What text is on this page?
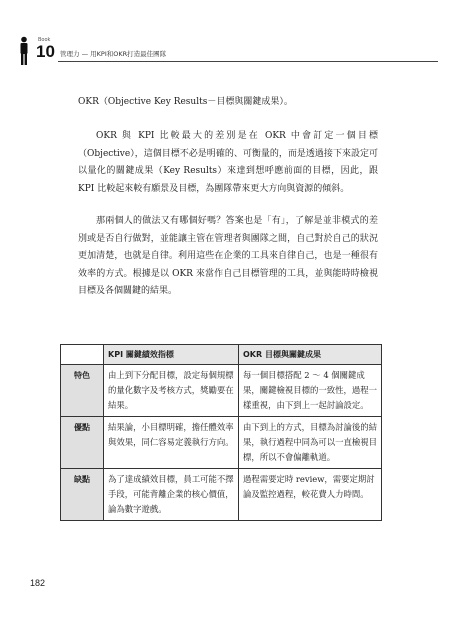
Book
10 管理力 — 用KPI和OKR打造最佳團隊

OKR（Objective Key Results－目標與關鍵成果）。

OKR 與 KPI 比較最大的差別是在 OKR 中會訂定一個目標（Objective），這個目標不必是明確的、可衡量的，而是透過接下來設定可以量化的關鍵成果（Key Results）來達到想呼應前面的目標，因此，跟 KPI 比較起來較有願景及目標，為團隊帶來更大方向與資源的傾斜。

那兩個人的做法又有哪個好嗎？答案也是「有」，了解是並非模式的差別或是否自行做對，並能讓主管在管理者與團隊之間，自己對於自己的狀況更加清楚，也就是自律。利用這些在企業的工具來自律自己，也是一種很有效率的方式。根據是以 OKR 來當作自己目標管理的工具，並與能時時檢視目標及各個關鍵的結果。

	KPI 關鍵績效指標	OKR 目標與關鍵成果
特色	由上到下分配目標，設定每個規標的量化數字及考核方式，獎勵要在結果。	每一個目標搭配 2 ～ 4 個關鍵成果，關鍵檢視目標的一致性，過程一樣重視，由下到上一起討論設定。
優點	結果論，小目標明確，擔任體效率與效果，同仁容易定義執行方向。	由下到上的方式，目標為討論後的結果，執行過程中同為可以一直檢視目標，所以不會偏離軌道。
缺點	為了達成績效目標，員工可能不擇手段，可能背離企業的核心價值，論為數字遊戲。	過程需要定時 review，需要定期討論及監控過程，較花費人力時間。
182
